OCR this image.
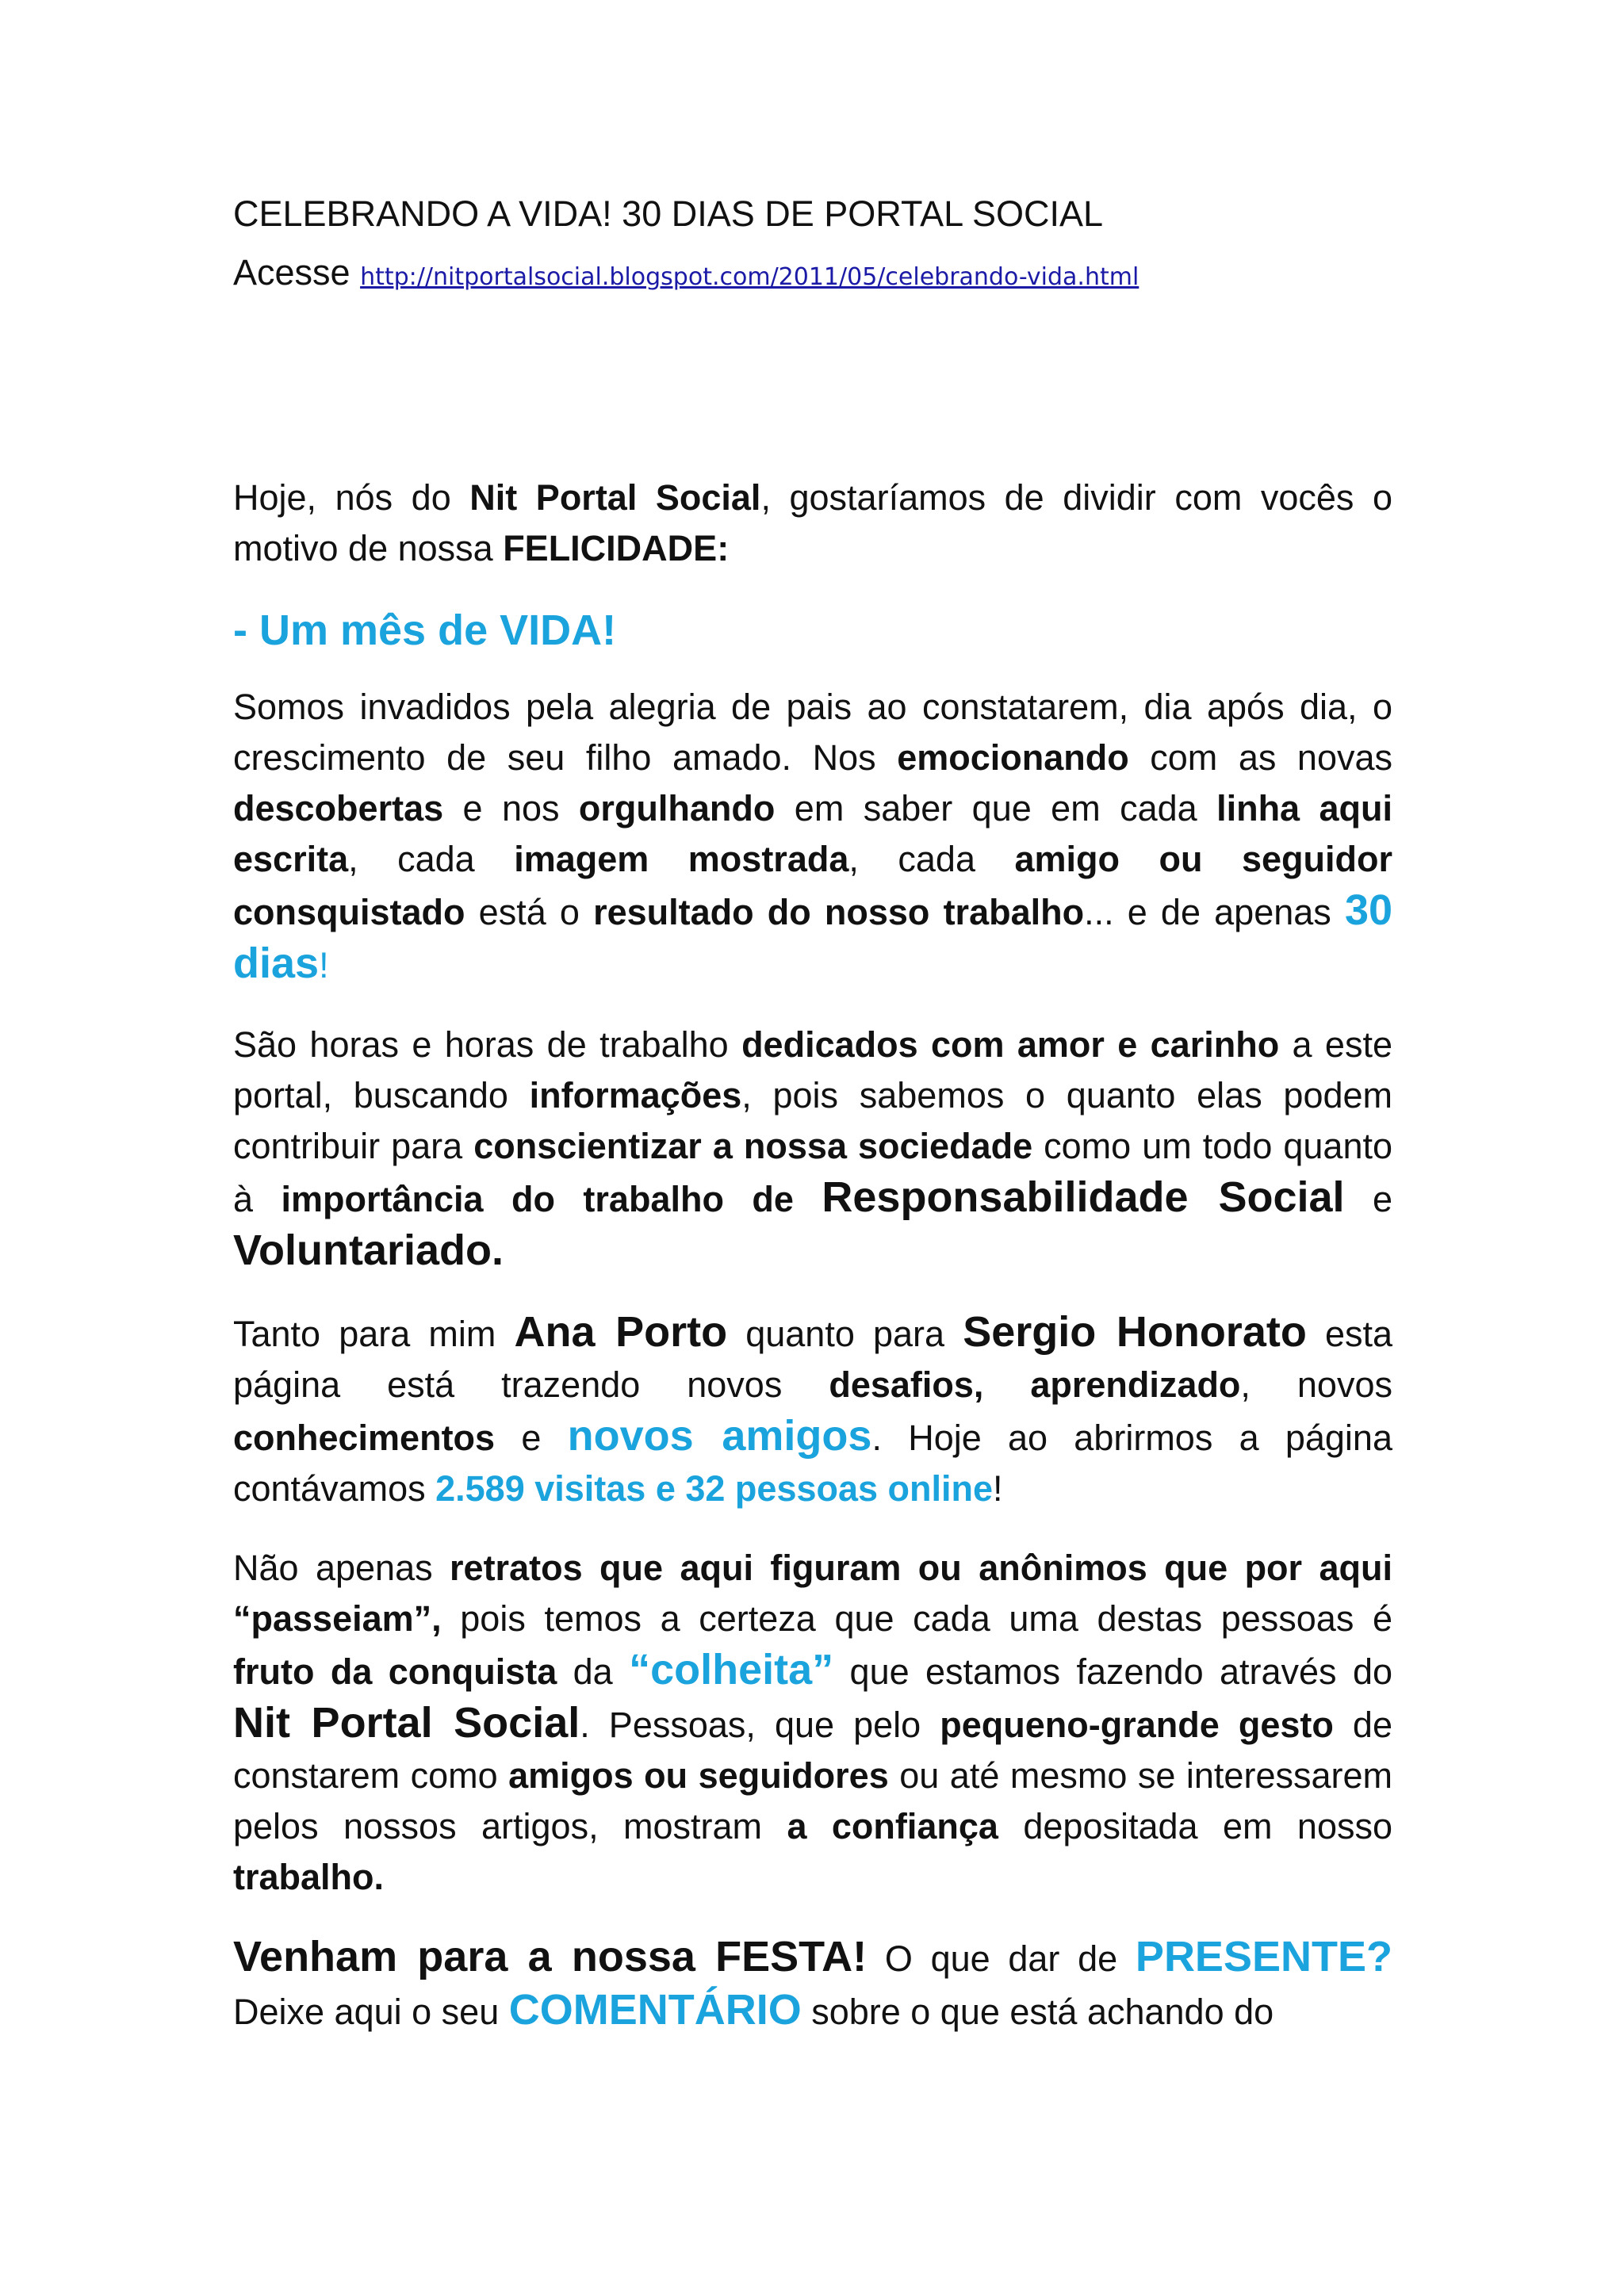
CELEBRANDO A VIDA! 30 DIAS DE PORTAL SOCIAL
Acesse http://nitportalsocial.blogspot.com/2011/05/celebrando-vida.html

Hoje, nós do Nit Portal Social, gostaríamos de dividir com vocês o motivo de nossa FELICIDADE:

- Um mês de VIDA!

Somos invadidos pela alegria de pais ao constatarem, dia após dia, o crescimento de seu filho amado. Nos emocionando com as novas descobertas e nos orgulhando em saber que em cada linha aqui escrita, cada imagem mostrada, cada amigo ou seguidor consquistado está o resultado do nosso trabalho... e de apenas 30 dias!

São horas e horas de trabalho dedicados com amor e carinho a este portal, buscando informações, pois sabemos o quanto elas podem contribuir para conscientizar a nossa sociedade como um todo quanto à importância do trabalho de Responsabilidade Social e Voluntariado.

Tanto para mim Ana Porto quanto para Sergio Honorato esta página está trazendo novos desafios, aprendizado, novos conhecimentos e novos amigos. Hoje ao abrirmos a página contávamos 2.589 visitas e 32 pessoas online!

Não apenas retratos que aqui figuram ou anônimos que por aqui “passeiam”, pois temos a certeza que cada uma destas pessoas é fruto da conquista da “colheita” que estamos fazendo através do Nit Portal Social. Pessoas, que pelo pequeno-grande gesto de constarem como amigos ou seguidores ou até mesmo se interessarem pelos nossos artigos, mostram a confiança depositada em nosso trabalho.

Venham para a nossa FESTA! O que dar de PRESENTE? Deixe aqui o seu COMENTÁRIO sobre o que está achando do
